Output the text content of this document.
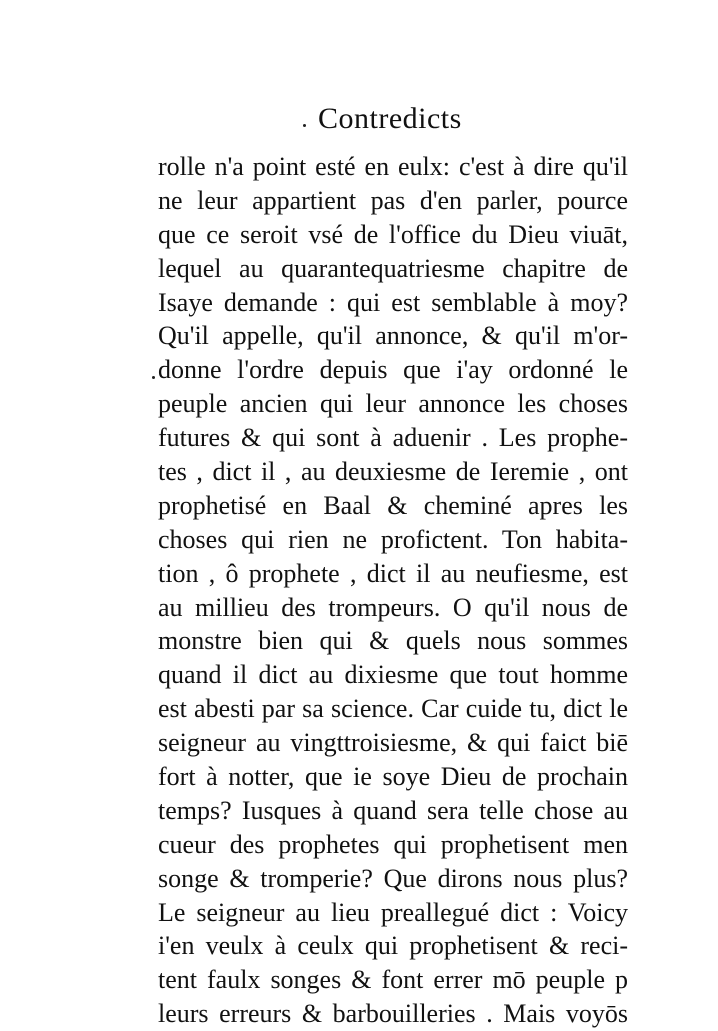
Contredicts
rolle n'a point esté en eulx: c'est à dire qu'il
ne leur appartient pas d'en parler, pource
que ce seroit vsé de l'office du Dieu viuāt,
lequel au quarantequatriesme chapitre de
Isaye demande : qui est semblable à moy?
Qu'il appelle, qu'il annonce, & qu'il m'or-
donne l'ordre depuis que i'ay ordonné le
peuple ancien qui leur annonce les choses
futures & qui sont à aduenir . Les prophe-
tes , dict il , au deuxiesme de Ieremie , ont
prophetisé en Baal & cheminé apres les
choses qui rien ne profictent. Ton habita-
tion , ô prophete , dict il au neufiesme, est
au millieu des trompeurs. O qu'il nous de
monstre bien qui & quels nous sommes
quand il dict au dixiesme que tout homme
est abesti par sa science. Car cuide tu, dict le
seigneur au vingttroisiesme, & qui faict biē
fort à notter, que ie soye Dieu de prochain
temps? Iusques à quand sera telle chose au
cueur des prophetes qui prophetisent men
songe & tromperie? Que dirons nous plus?
Le seigneur au lieu preallegué dict : Voicy
i'en veulx à ceulx qui prophetisent & reci-
tent faulx songes & font errer mō peuple p
leurs erreurs & barbouilleries . Mais voyōs
